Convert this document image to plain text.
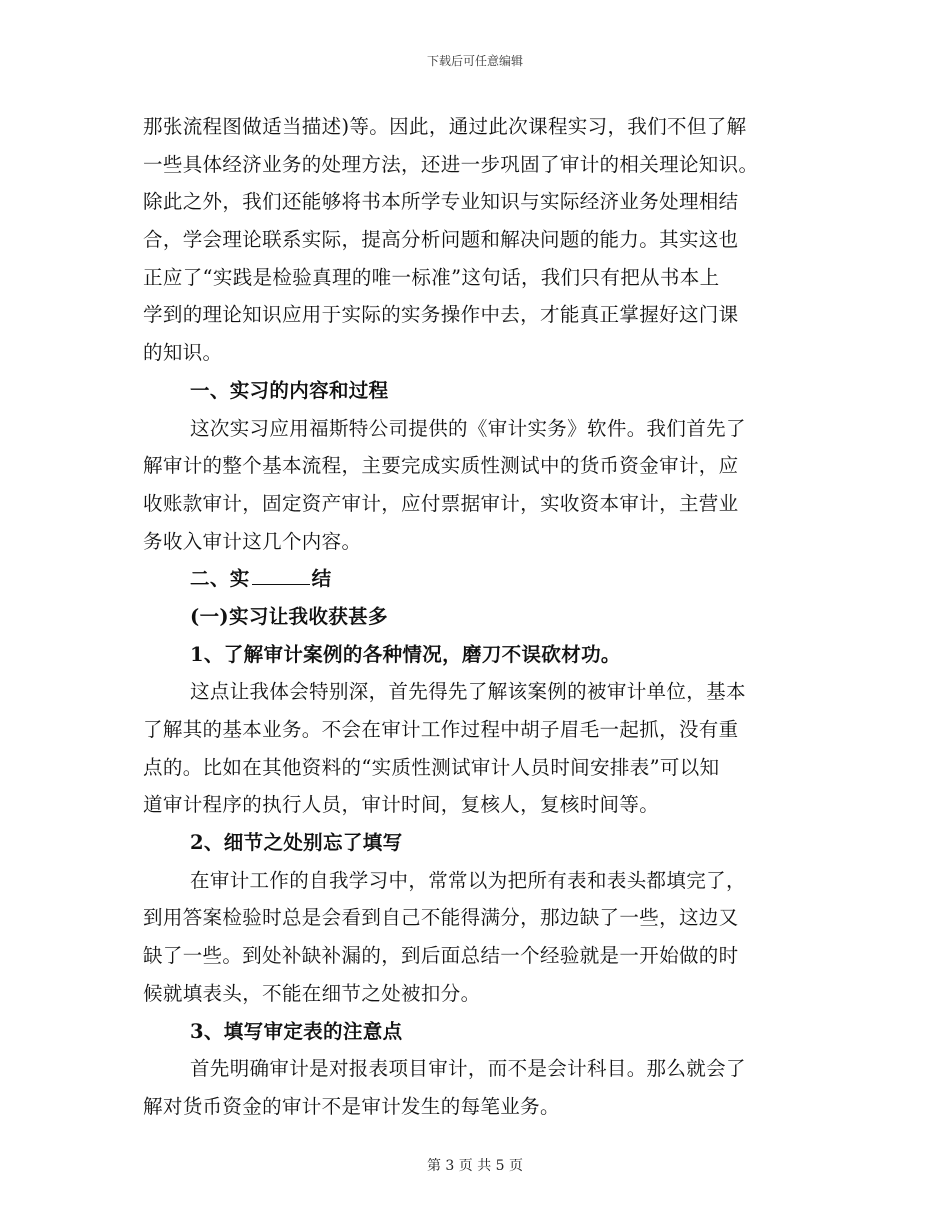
下载后可任意编辑
那张流程图做适当描述)等。因此，通过此次课程实习，我们不但了解
一些具体经济业务的处理方法，还进一步巩固了审计的相关理论知识。
除此之外，我们还能够将书本所学专业知识与实际经济业务处理相结
合，学会理论联系实际，提高分析问题和解决问题的能力。其实这也
正应了“实践是检验真理的唯一标准”这句话，我们只有把从书本上
学到的理论知识应用于实际的实务操作中去，才能真正掌握好这门课
的知识。
一、实习的内容和过程
这次实习应用福斯特公司提供的《审计实务》软件。我们首先了
解审计的整个基本流程，主要完成实质性测试中的货币资金审计，应
收账款审计，固定资产审计，应付票据审计，实收资本审计，主营业
务收入审计这几个内容。
二、实	结
(一)实习让我收获甚多
1、了解审计案例的各种情况，磨刀不误砍材功。
这点让我体会特别深，首先得先了解该案例的被审计单位，基本
了解其的基本业务。不会在审计工作过程中胡子眉毛一起抓，没有重
点的。比如在其他资料的“实质性测试审计人员时间安排表”可以知
道审计程序的执行人员，审计时间，复核人，复核时间等。
2、细节之处别忘了填写
在审计工作的自我学习中，常常以为把所有表和表头都填完了，
到用答案检验时总是会看到自己不能得满分，那边缺了一些，这边又
缺了一些。到处补缺补漏的，到后面总结一个经验就是一开始做的时
候就填表头，不能在细节之处被扣分。
3、填写审定表的注意点
首先明确审计是对报表项目审计，而不是会计科目。那么就会了
解对货币资金的审计不是审计发生的每笔业务。
第 3 页 共 5 页
